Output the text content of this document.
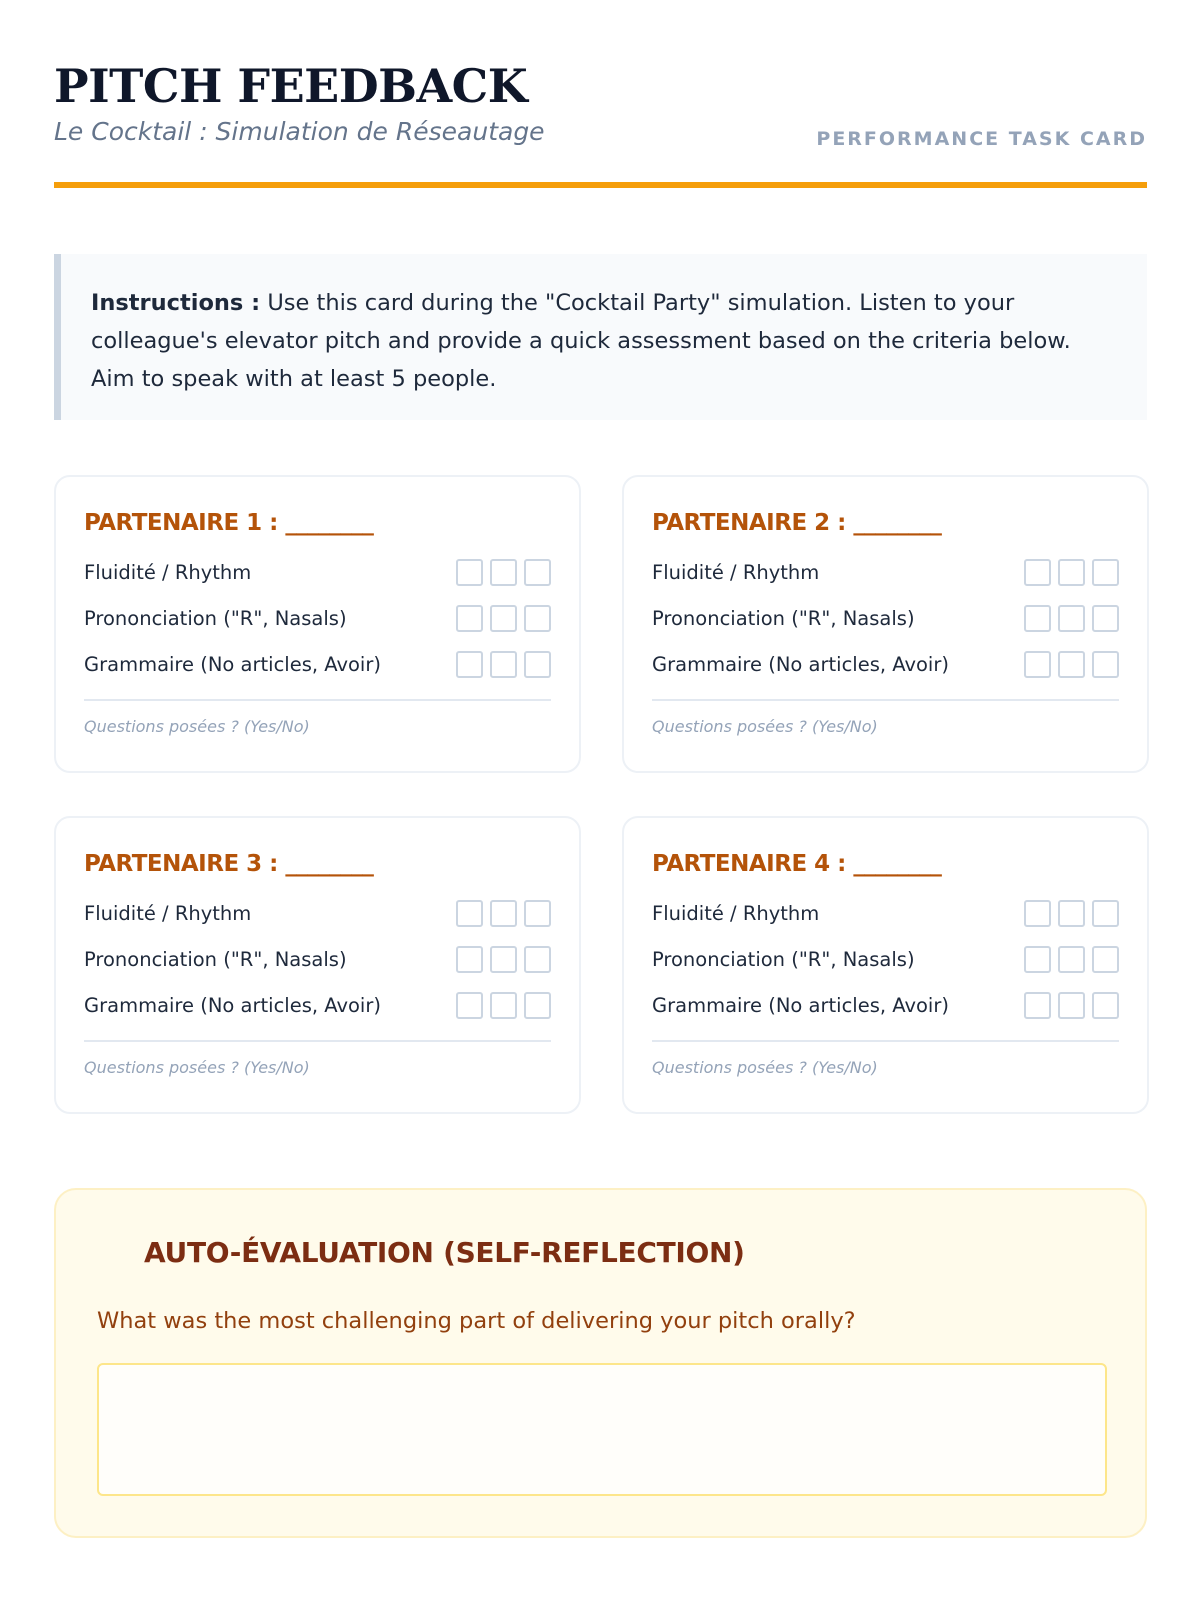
PITCH FEEDBACK
Le Cocktail : Simulation de Réseautage	PERFORMANCE TASK CARD
Instructions : Use this card during the "Cocktail Party" simulation. Listen to your colleague's elevator pitch and provide a quick assessment based on the criteria below. Aim to speak with at least 5 people.
PARTENAIRE 1 : ________
Fluidité / Rhythm
Prononciation ("R", Nasals)
Grammaire (No articles, Avoir)
Questions posées ? (Yes/No)
PARTENAIRE 2 : ________
Fluidité / Rhythm
Prononciation ("R", Nasals)
Grammaire (No articles, Avoir)
Questions posées ? (Yes/No)
PARTENAIRE 3 : ________
Fluidité / Rhythm
Prononciation ("R", Nasals)
Grammaire (No articles, Avoir)
Questions posées ? (Yes/No)
PARTENAIRE 4 : ________
Fluidité / Rhythm
Prononciation ("R", Nasals)
Grammaire (No articles, Avoir)
Questions posées ? (Yes/No)
AUTO-ÉVALUATION (SELF-REFLECTION)
What was the most challenging part of delivering your pitch orally?
